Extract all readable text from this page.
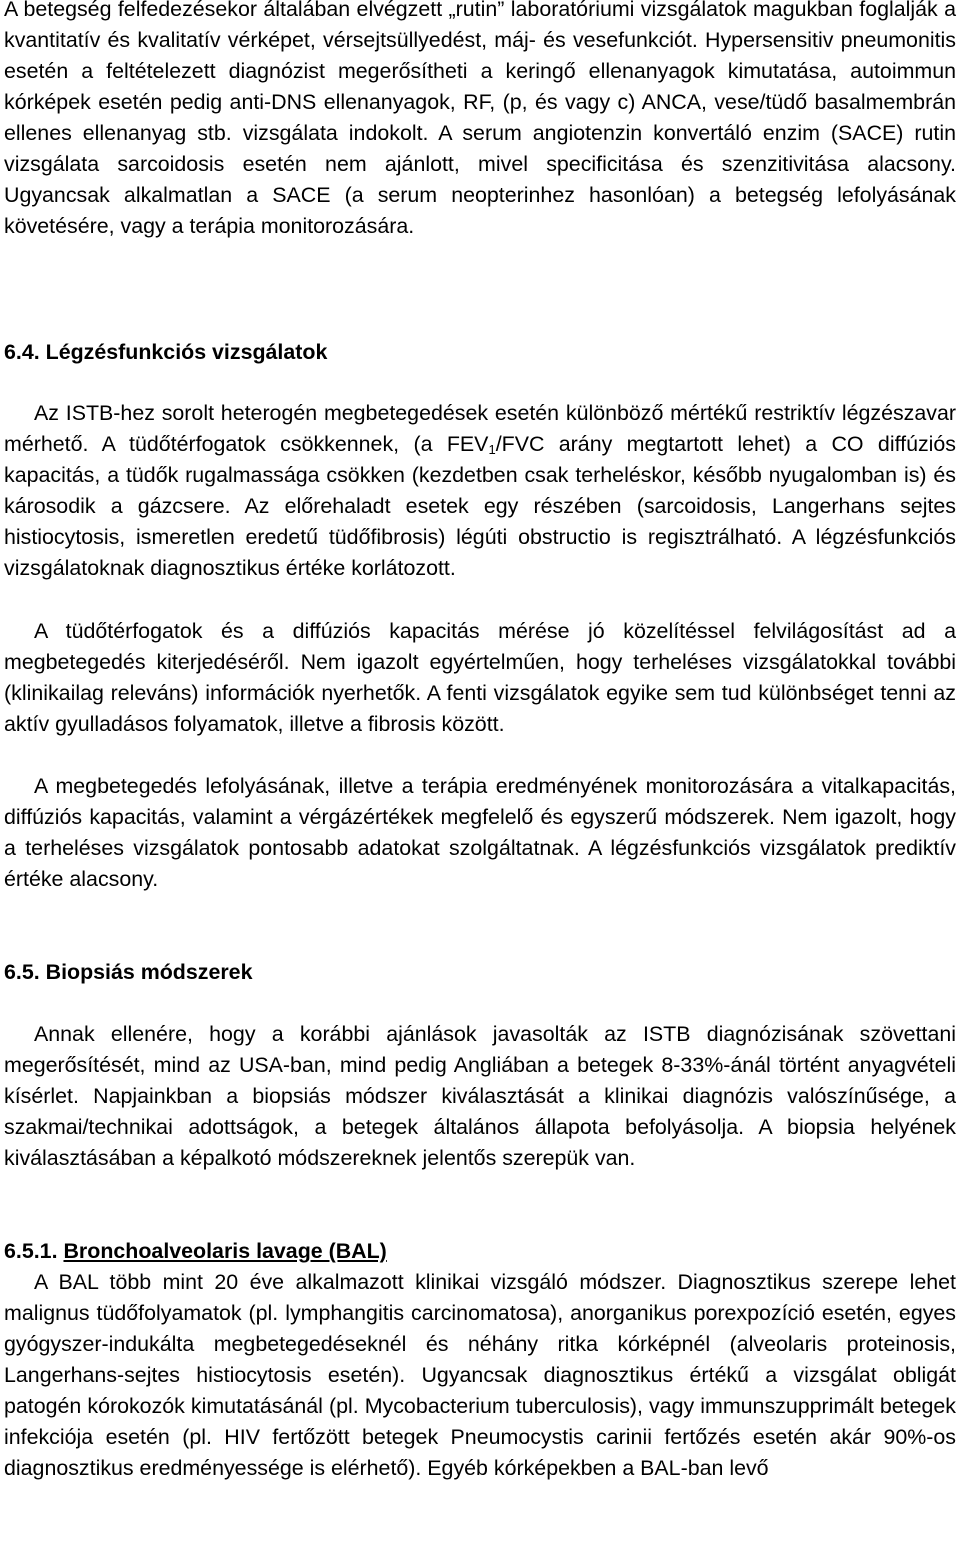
A betegség felfedezésekor általában elvégzett „rutin” laboratóriumi vizsgálatok magukban foglalják a kvantitatív és kvalitatív vérképet, vérsejtsüllyedést, máj- és vesefunkciót. Hypersensitiv pneumonitis esetén a feltételezett diagnózist megerősítheti a keringő ellenanyagok kimutatása, autoimmun kórképek esetén pedig anti-DNS ellenanyagok, RF, (p, és vagy c) ANCA, vese/tüdő basalmembrán ellenes ellenanyag stb. vizsgálata indokolt. A serum angiotenzin konvertáló enzim (SACE) rutin vizsgálata sarcoidosis esetén nem ajánlott, mivel specificitása és szenzitivitása alacsony. Ugyancsak alkalmatlan a SACE (a serum neopterinhez hasonlóan) a betegség lefolyásának követésére, vagy a terápia monitorozására.

6.4. Légzésfunkciós vizsgálatok

Az ISTB-hez sorolt heterogén megbetegedések esetén különböző mértékű restriktív légzészavar mérhető. A tüdőtérfogatok csökkennek, (a $FEV_1$/FVC arány megtartott lehet) a CO diffúziós kapacitás, a tüdők rugalmassága csökken (kezdetben csak terheléskor, később nyugalomban is) és károsodik a gázcsere. Az előrehaladt esetek egy részében (sarcoidosis, Langerhans sejtes histiocytosis, ismeretlen eredetű tüdőfibrosis) légúti obstructio is regisztrálható. A légzésfunkciós vizsgálatoknak diagnosztikus értéke korlátozott.

A tüdőtérfogatok és a diffúziós kapacitás mérése jó közelítéssel felvilágosítást ad a megbetegedés kiterjedéséről. Nem igazolt egyértelműen, hogy terheléses vizsgálatokkal további (klinikailag releváns) információk nyerhetők. A fenti vizsgálatok egyike sem tud különbséget tenni az aktív gyulladásos folyamatok, illetve a fibrosis között.

A megbetegedés lefolyásának, illetve a terápia eredményének monitorozására a vitalkapacitás, diffúziós kapacitás, valamint a vérgázértékek megfelelő és egyszerű módszerek. Nem igazolt, hogy a terheléses vizsgálatok pontosabb adatokat szolgáltatnak. A légzésfunkciós vizsgálatok prediktív értéke alacsony.

6.5. Biopsiás módszerek

Annak ellenére, hogy a korábbi ajánlások javasolták az ISTB diagnózisának szövettani megerősítését, mind az USA-ban, mind pedig Angliában a betegek 8-33%-ánál történt anyagvételi kísérlet. Napjainkban a biopsiás módszer kiválasztását a klinikai diagnózis valószínűsége, a szakmai/technikai adottságok, a betegek általános állapota befolyásolja. A biopsia helyének kiválasztásában a képalkotó módszereknek jelentős szerepük van.

6.5.1. Bronchoalveolaris lavage (BAL)

A BAL több mint 20 éve alkalmazott klinikai vizsgáló módszer. Diagnosztikus szerepe lehet malignus tüdőfolyamatok (pl. lymphangitis carcinomatosa), anorganikus porexpozíció esetén, egyes gyógyszer-indukálta megbetegedéseknél és néhány ritka kórképnél (alveolaris proteinosis, Langerhans-sejtes histiocytosis esetén). Ugyancsak diagnosztikus értékű a vizsgálat obligát patogén kórokozók kimutatásánál (pl. Mycobacterium tuberculosis), vagy immunszupprimált betegek infekciója esetén (pl. HIV fertőzött betegek Pneumocystis carinii fertőzés esetén akár 90%-os diagnosztikus eredményessége is elérhető). Egyéb kórképekben a BAL-ban levő
